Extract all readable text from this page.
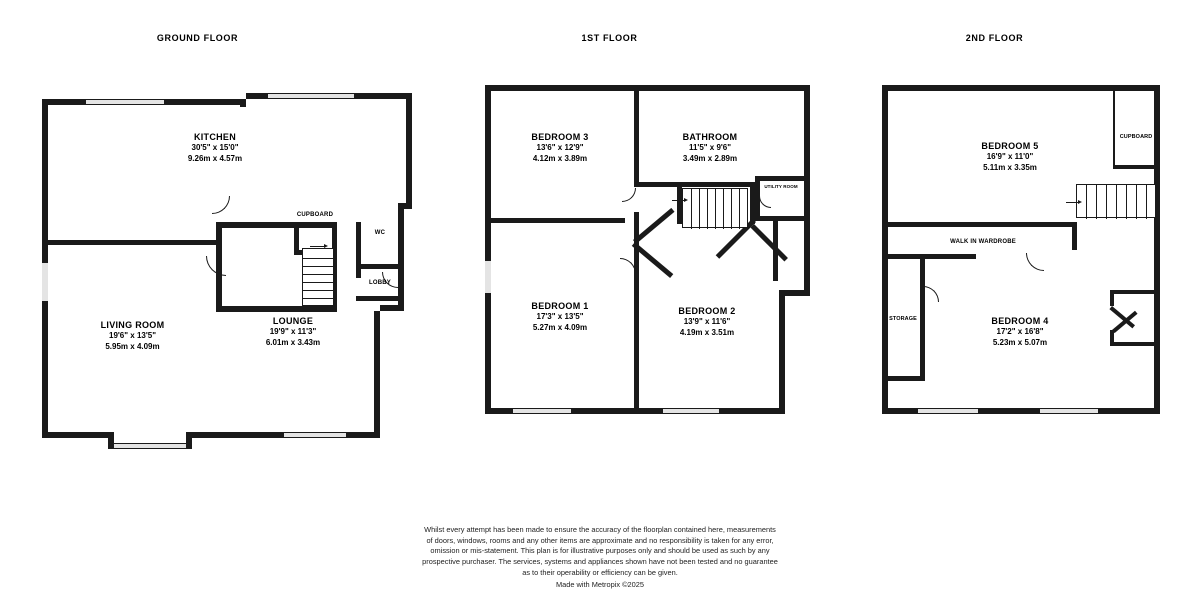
GROUND FLOOR	1ST FLOOR	2ND FLOOR
KITCHEN
30'5" x 15'0"
9.26m x 4.57m
LIVING ROOM
19'6" x 13'5"
5.95m x 4.09m
LOUNGE
19'9" x 11'3"
6.01m x 3.43m
CUPBOARD
WC
LOBBY
BEDROOM 3
13'6" x 12'9"
4.12m x 3.89m
BATHROOM
11'5" x 9'6"
3.49m x 2.89m
BEDROOM 1
17'3" x 13'5"
5.27m x 4.09m
BEDROOM 2
13'9" x 11'6"
4.19m x 3.51m
UTILITY ROOM
BEDROOM 5
16'9" x 11'0"
5.11m x 3.35m
BEDROOM 4
17'2" x 16'8"
5.23m x 5.07m
CUPBOARD
WALK IN WARDROBE
STORAGE
Whilst every attempt has been made to ensure the accuracy of the floorplan contained here, measurements
of doors, windows, rooms and any other items are approximate and no responsibility is taken for any error,
omission or mis-statement. This plan is for illustrative purposes only and should be used as such by any
prospective purchaser. The services, systems and appliances shown have not been tested and no guarantee
as to their operability or efficiency can be given.
Made with Metropix ©2025
